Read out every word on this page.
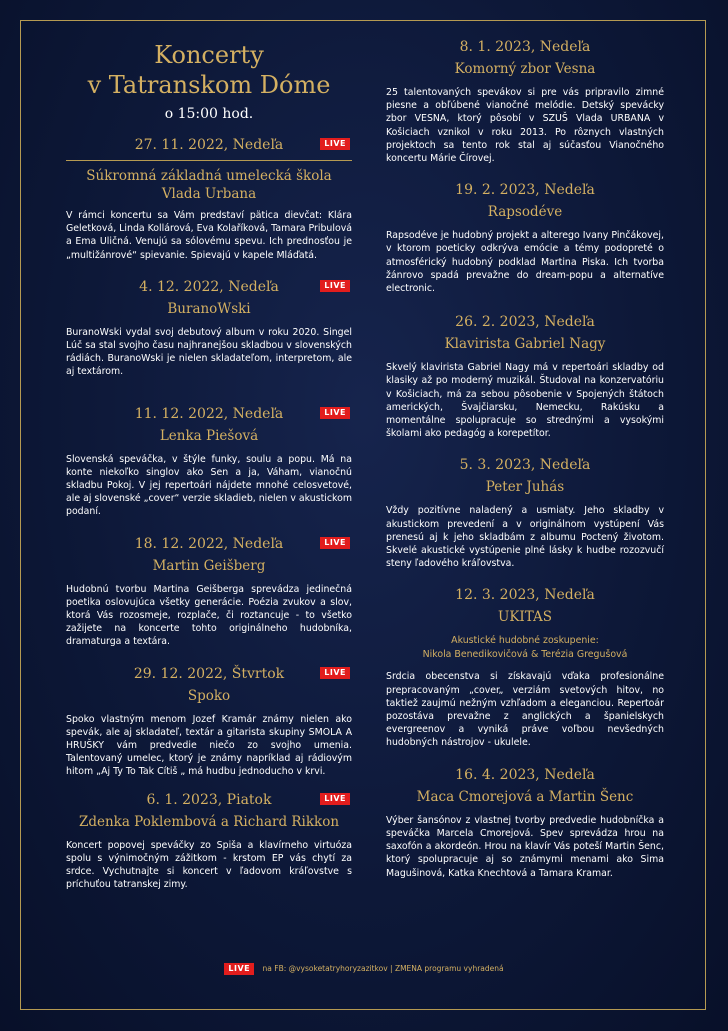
Koncerty
v Tatranskom Dóme
o 15:00 hod.
27. 11. 2022, Nedeľa	LIVE
Súkromná základná umelecká škola Vlada Urbana

V rámci koncertu sa Vám predstaví pätica dievčat: Klára Geletková, Linda Kollárová, Eva Kolaříková, Tamara Pribulová a Ema Uličná. Venujú sa sólovému spevu. Ich prednosťou je „multižánrové“ spievanie. Spievajú v kapele Mláďatá.

4. 12. 2022, Nedeľa	LIVE
BuranoWski

BuranoWski vydal svoj debutový album v roku 2020. Singel Lúč sa stal svojho času najhranejšou skladbou v slovenských rádiách. BuranoWski je nielen skladateľom, interpretom, ale aj textárom.

11. 12. 2022, Nedeľa	LIVE
Lenka Piešová

Slovenská speváčka, v štýle funky, soulu a popu. Má na konte niekoľko singlov ako Sen a ja, Váham, vianočnú skladbu Pokoj. V jej repertoári nájdete mnohé celosvetové, ale aj slovenské „cover“ verzie skladieb, nielen v akustickom podaní.

18. 12. 2022, Nedeľa	LIVE
Martin Geišberg

Hudobnú tvorbu Martina Geišberga sprevádza jedinečná poetika oslovujúca všetky generácie. Poézia zvukov a slov, ktorá Vás rozosmeje, rozplače, či roztancuje - to všetko zažijete na koncerte tohto originálneho hudobníka, dramaturga a textára.

29. 12. 2022, Štvrtok	LIVE
Spoko

Spoko vlastným menom Jozef Kramár známy nielen ako spevák, ale aj skladateľ, textár a gitarista skupiny SMOLA A HRUŠKY vám predvedie niečo zo svojho umenia. Talentovaný umelec, ktorý je známy napríklad aj rádiovým hitom „Aj Ty To Tak Cítiš „ má hudbu jednoducho v krvi.

6. 1. 2023, Piatok	LIVE
Zdenka Poklembová a Richard Rikkon

Koncert popovej speváčky zo Spiša a klavírneho virtuóza spolu s výnimočným zážitkom - krstom EP vás chytí za srdce. Vychutnajte si koncert v ľadovom kráľovstve s príchuťou tatranskej zimy.

8. 1. 2023, Nedeľa
Komorný zbor Vesna

25 talentovaných spevákov si pre vás pripravilo zimné piesne a obľúbené vianočné melódie. Detský spevácky zbor VESNA, ktorý pôsobí v SZUŠ Vlada URBANA v Košiciach vznikol v roku 2013. Po rôznych vlastných projektoch sa tento rok stal aj súčasťou Vianočného koncertu Márie Čírovej.

19. 2. 2023, Nedeľa
Rapsodéve

Rapsodéve je hudobný projekt a alterego Ivany Pinčákovej, v ktorom poeticky odkrýva emócie a témy podopreté o atmosférický hudobný podklad Martina Piska. Ich tvorba žánrovo spadá prevažne do dream-popu a alternatíve electronic.

26. 2. 2023, Nedeľa
Klavirista Gabriel Nagy

Skvelý klavirista Gabriel Nagy má v repertoári skladby od klasiky až po moderný muzikál. Študoval na konzervatóriu v Košiciach, má za sebou pôsobenie v Spojených štátoch amerických, Švajčiarsku, Nemecku, Rakúsku a momentálne spolupracuje so strednými a vysokými školami ako pedagóg a korepetítor.

5. 3. 2023, Nedeľa
Peter Juhás

Vždy pozitívne naladený a usmiaty. Jeho skladby v akustickom prevedení a v originálnom vystúpení Vás prenesú aj k jeho skladbám z albumu Poctený životom. Skvelé akustické vystúpenie plné lásky k hudbe rozozvučí steny ľadového kráľovstva.

12. 3. 2023, Nedeľa
UKITAS
Akustické hudobné zoskupenie:
Nikola Benedikovičová & Terézia Gregušová

Srdcia obecenstva si získavajú vďaka profesionálne prepracovaným „cover„ verziám svetových hitov, no taktiež zaujmú nežným vzhľadom a eleganciou. Repertoár pozostáva prevažne z anglických a španielskych evergreenov a vyniká práve voľbou nevšedných hudobných nástrojov - ukulele.

16. 4. 2023, Nedeľa
Maca Cmorejová a Martin Šenc

Výber šansónov z vlastnej tvorby predvedie hudobníčka a speváčka Marcela Cmorejová. Spev sprevádza hrou na saxofón a akordeón. Hrou na klavír Vás poteší Martin Šenc, ktorý spolupracuje aj so známymi menami ako Sima Magušinová, Katka Knechtová a Tamara Kramar.

LIVE na FB: @vysoketatryhoryzazitkov | ZMENA programu vyhradená
